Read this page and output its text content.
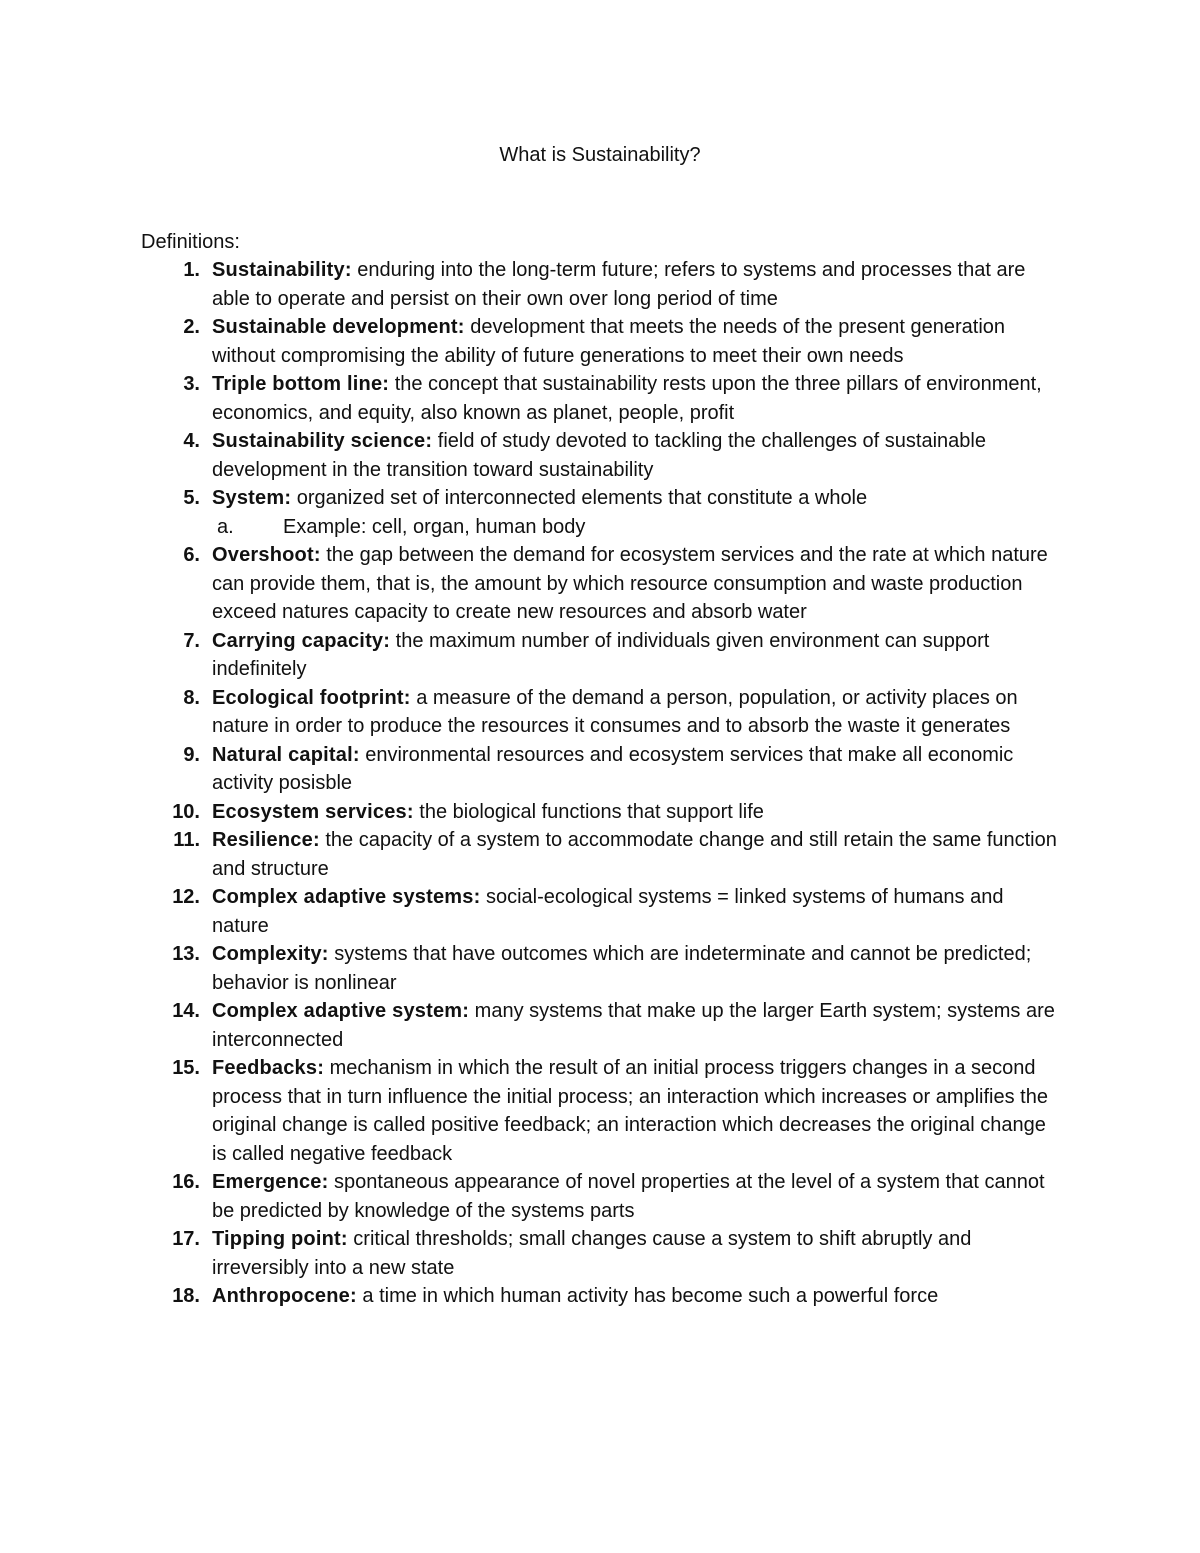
What is Sustainability?

Definitions:

1. Sustainability: enduring into the long-term future; refers to systems and processes that are able to operate and persist on their own over long period of time
2. Sustainable development: development that meets the needs of the present generation without compromising the ability of future generations to meet their own needs
3. Triple bottom line: the concept that sustainability rests upon the three pillars of environment, economics, and equity, also known as planet, people, profit
4. Sustainability science: field of study devoted to tackling the challenges of sustainable development in the transition toward sustainability
5. System: organized set of interconnected elements that constitute a whole
a. Example: cell, organ, human body
6. Overshoot: the gap between the demand for ecosystem services and the rate at which nature can provide them, that is, the amount by which resource consumption and waste production exceed natures capacity to create new resources and absorb water
7. Carrying capacity: the maximum number of individuals given environment can support indefinitely
8. Ecological footprint: a measure of the demand a person, population, or activity places on nature in order to produce the resources it consumes and to absorb the waste it generates
9. Natural capital: environmental resources and ecosystem services that make all economic activity posisble
10. Ecosystem services: the biological functions that support life
11. Resilience: the capacity of a system to accommodate change and still retain the same function and structure
12. Complex adaptive systems: social-ecological systems = linked systems of humans and nature
13. Complexity: systems that have outcomes which are indeterminate and cannot be predicted; behavior is nonlinear
14. Complex adaptive system: many systems that make up the larger Earth system; systems are interconnected
15. Feedbacks: mechanism in which the result of an initial process triggers changes in a second process that in turn influence the initial process; an interaction which increases or amplifies the original change is called positive feedback; an interaction which decreases the original change is called negative feedback
16. Emergence: spontaneous appearance of novel properties at the level of a system that cannot be predicted by knowledge of the systems parts
17. Tipping point: critical thresholds; small changes cause a system to shift abruptly and irreversibly into a new state
18. Anthropocene: a time in which human activity has become such a powerful force
